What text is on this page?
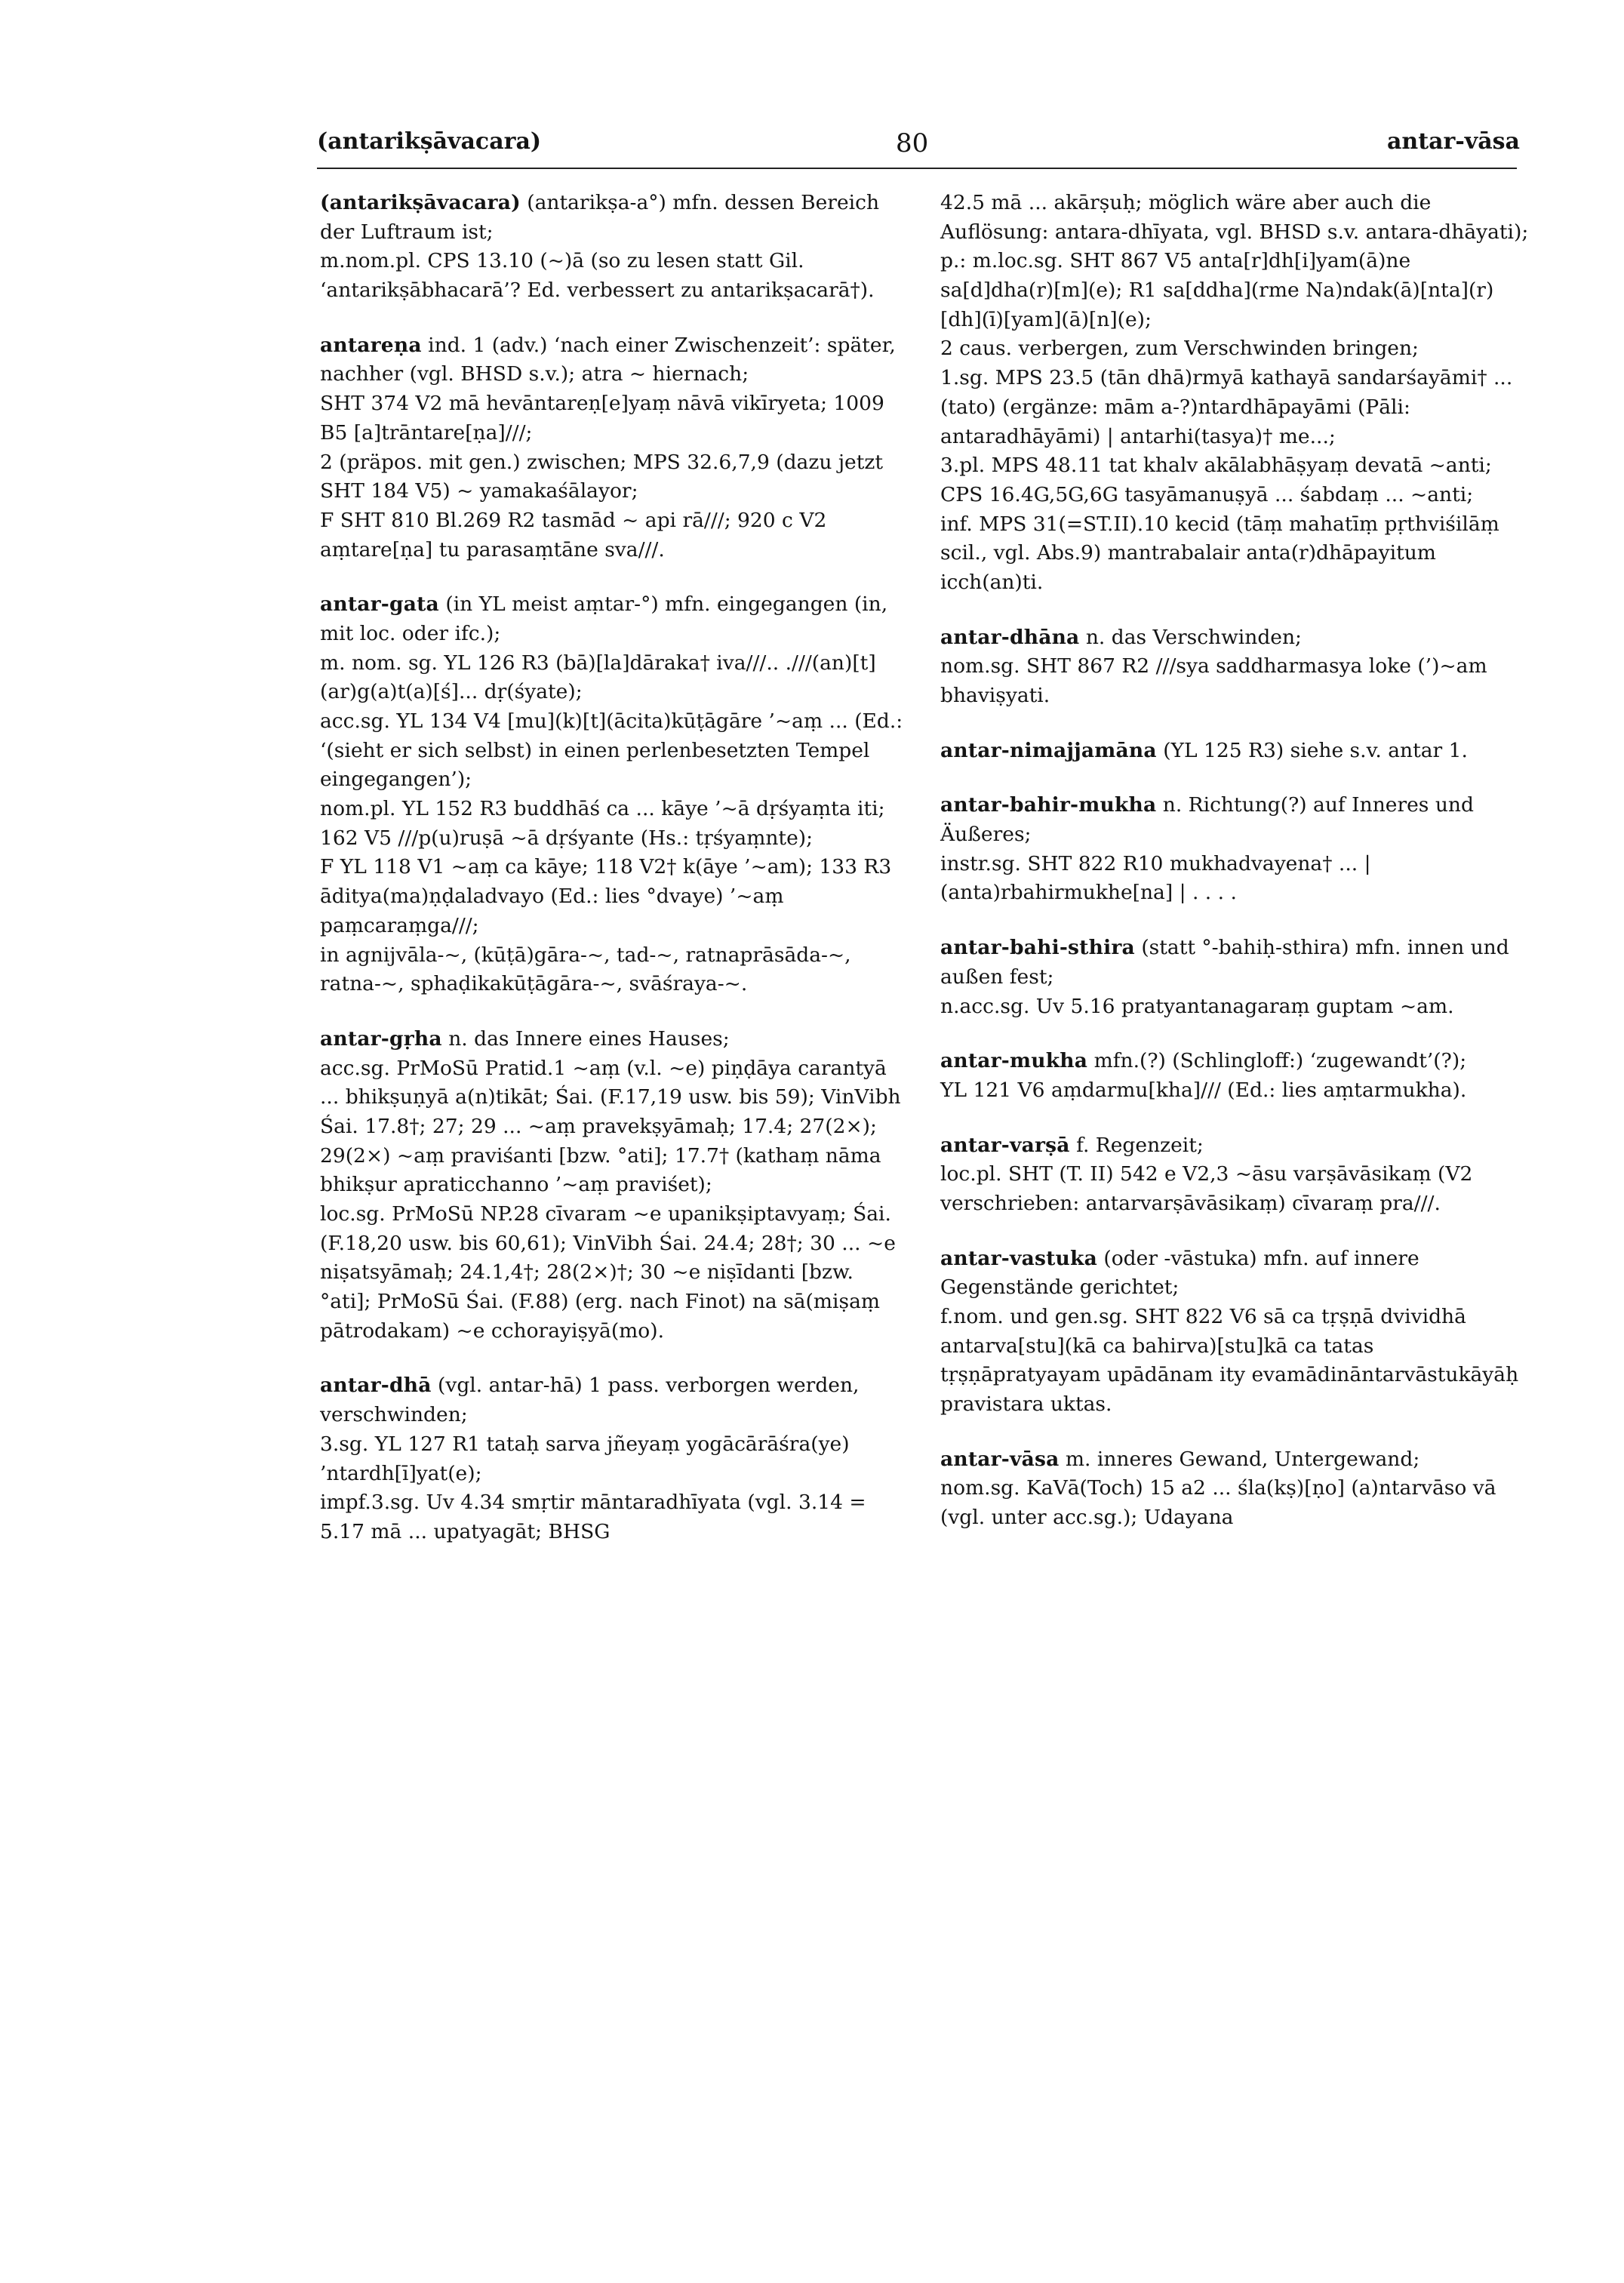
(antarikṣāvacara)	80	antar-vāsa

(antarikṣāvacara) (antarikṣa-a°) mfn. dessen Bereich der Luftraum ist;

m.nom.pl. CPS 13.10 (~)ā (so zu lesen statt Gil. ‘antarikṣābhacarā’? Ed. verbessert zu antarikṣacarā†).

antareṇa ind. 1 (adv.) ‘nach einer Zwischenzeit’: später, nachher (vgl. BHSD s.v.); atra ~ hiernach;

SHT 374 V2 mā hevāntareṇ[e]yaṃ nāvā vikīryeta; 1009 B5 [a]trāntare[ṇa]///;

2 (präpos. mit gen.) zwischen; MPS 32.6,7,9 (dazu jetzt SHT 184 V5) ~ yamakaśālayor;

F SHT 810 Bl.269 R2 tasmād ~ api rā///; 920 c V2 aṃtare[ṇa] tu parasaṃtāne sva///.

antar-gata (in YL meist aṃtar-°) mfn. eingegangen (in, mit loc. oder ifc.);

m. nom. sg. YL 126 R3 (bā)[la]dāraka† iva///.. .///(an)[t](ar)g(a)t(a)[ś]... dṛ(śyate);

acc.sg. YL 134 V4 [mu](k)[t](ācita)kūṭāgāre ’~aṃ ... (Ed.: ‘(sieht er sich selbst) in einen perlenbesetzten Tempel eingegangen’);

nom.pl. YL 152 R3 buddhāś ca ... kāye ’~ā dṛśyaṃta iti; 162 V5 ///p(u)ruṣā ~ā dṛśyante (Hs.: tṛśyaṃnte);

F YL 118 V1 ~aṃ ca kāye; 118 V2† k(āye ’~am); 133 R3 āditya(ma)ṇḍaladvayo (Ed.: lies °dvaye) ’~aṃ paṃcaraṃga///;

in agnijvāla-~, (kūṭā)gāra-~, tad-~, ratnaprāsāda-~, ratna-~, sphaḍikakūṭāgāra-~, svāśraya-~.

antar-gṛha n. das Innere eines Hauses;

acc.sg. PrMoSū Pratid.1 ~aṃ (v.l. ~e) piṇḍāya carantyā ... bhikṣuṇyā a(n)tikāt; Śai. (F.17,19 usw. bis 59); VinVibh Śai. 17.8†; 27; 29 ... ~aṃ pravekṣyāmaḥ; 17.4; 27(2×); 29(2×) ~aṃ praviśanti [bzw. °ati]; 17.7† (kathaṃ nāma bhikṣur apraticchanno ’~aṃ praviśet);

loc.sg. PrMoSū NP.28 cīvaram ~e upanikṣiptavyaṃ; Śai. (F.18,20 usw. bis 60,61); VinVibh Śai. 24.4; 28†; 30 ... ~e niṣatsyāmaḥ; 24.1,4†; 28(2×)†; 30 ~e niṣīdanti [bzw. °ati]; PrMoSū Śai. (F.88) (erg. nach Finot) na sā(miṣaṃ pātrodakam) ~e cchorayiṣyā(mo).

antar-dhā (vgl. antar-hā) 1 pass. verborgen werden, verschwinden;

3.sg. YL 127 R1 tataḥ sarva jñeyaṃ yogācārāśra(ye) ’ntardh[ī]yat(e);

impf.3.sg. Uv 4.34 smṛtir māntaradhīyata (vgl. 3.14 = 5.17 mā ... upatyagāt; BHSG

42.5 mā ... akārṣuḥ; möglich wäre aber auch die Auflösung: antara-dhīyata, vgl. BHSD s.v. antara-dhāyati);

p.: m.loc.sg. SHT 867 V5 anta[r]dh[i]yam(ā)ne sa[d]dha(r)[m](e); R1 sa[ddha](rme Na)ndak(ā)[nta](r)[dh](ī)[yam](ā)[n](e);

2 caus. verbergen, zum Verschwinden bringen;

1.sg. MPS 23.5 (tān dhā)rmyā kathayā sandarśayāmi† ... (tato) (ergänze: mām a-?)ntardhāpayāmi (Pāli: antaradhāyāmi) | antarhi(tasya)† me...;

3.pl. MPS 48.11 tat khalv akālabhāṣyaṃ devatā ~anti; CPS 16.4G,5G,6G tasyāmanuṣyā ... śabdaṃ ... ~anti;

inf. MPS 31(=ST.II).10 kecid (tāṃ mahatīṃ pṛthviśilāṃ scil., vgl. Abs.9) mantrabalair anta(r)dhāpayitum icch(an)ti.

antar-dhāna n. das Verschwinden;

nom.sg. SHT 867 R2 ///sya saddharmasya loke (’)~am bhaviṣyati.

antar-nimajjamāna (YL 125 R3) siehe s.v. antar 1.

antar-bahir-mukha n. Richtung(?) auf Inneres und Äußeres;

instr.sg. SHT 822 R10 mukhadvayena† ... | (anta)rbahirmukhe[na] | . . . .

antar-bahi-sthira (statt °-bahiḥ-sthira) mfn. innen und außen fest;

n.acc.sg. Uv 5.16 pratyantanagaraṃ guptam ~am.

antar-mukha mfn.(?) (Schlingloff:) ‘zugewandt’(?);

YL 121 V6 aṃdarmu[kha]/// (Ed.: lies aṃtarmukha).

antar-varṣā f. Regenzeit;

loc.pl. SHT (T. II) 542 e V2,3 ~āsu varṣāvāsikaṃ (V2 verschrieben: antarvarṣāvāsikaṃ) cīvaraṃ pra///.

antar-vastuka (oder -vāstuka) mfn. auf innere Gegenstände gerichtet;

f.nom. und gen.sg. SHT 822 V6 sā ca tṛṣṇā dvividhā antarva[stu](kā ca bahirva)[stu]kā ca tatas tṛṣṇāpratyayam upādānam ity evamādināntarvāstukāyāḥ pravistara uktas.

antar-vāsa m. inneres Gewand, Untergewand;

nom.sg. KaVā(Toch) 15 a2 ... śla(kṣ)[ṇo] (a)ntarvāso vā (vgl. unter acc.sg.); Udayana
